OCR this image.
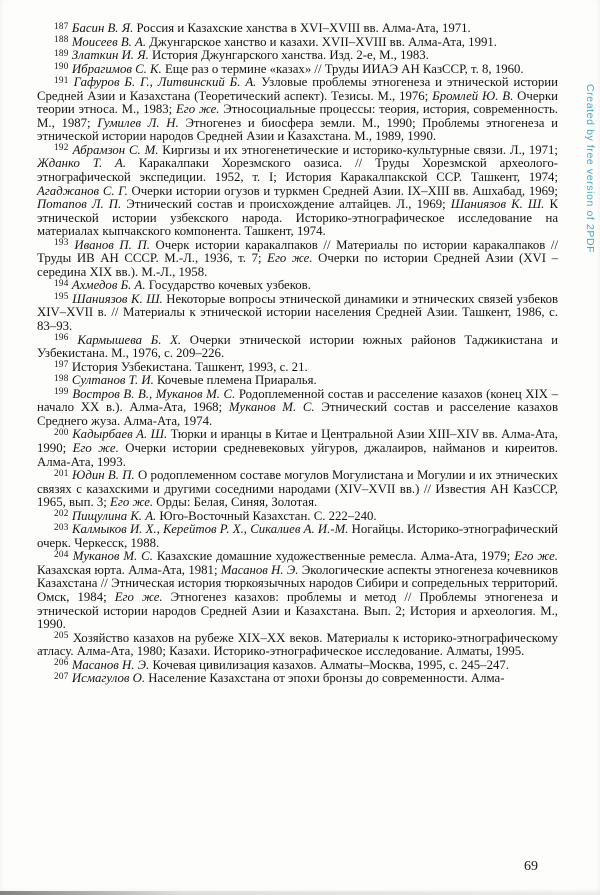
$^{187}$ Басин В. Я. Россия и Казахские ханства в XVI–XVIII вв. Алма-Ата, 1971.

$^{188}$ Моисеев В. А. Джунгарское ханство и казахи. XVII–XVIII вв. Алма-Ата, 1991.

$^{189}$ Златкин И. Я. История Джунгарского ханства. Изд. 2-е, М., 1983.

$^{190}$ Ибрагимов С. К. Еще раз о термине «казах» // Труды ИИАЭ АН КазССР, т. 8, 1960.

$^{191}$ Гафуров Б. Г., Литвинский Б. А. Узловые проблемы этногенеза и этнической истории Средней Азии и Казахстана (Теоретический аспект). Тезисы. М., 1976; Бромлей Ю. В. Очерки теории этноса. М., 1983; Его же. Этносоциальные процессы: теория, история, современность. М., 1987; Гумилев Л. Н. Этногенез и биосфера земли. М., 1990; Проблемы этногенеза и этнической истории народов Средней Азии и Казахстана. М., 1989, 1990.

$^{192}$ Абрамзон С. М. Киргизы и их этногенетические и историко-культурные связи. Л., 1971; Жданко Т. А. Каракалпаки Хорезмского оазиса. // Труды Хорезмской археолого-этнографической экспедиции. 1952, т. I; История Каракалпакской ССР. Ташкент, 1974; Агаджанов С. Г. Очерки истории огузов и туркмен Средней Азии. IX–XIII вв. Ашхабад, 1969; Потапов Л. П. Этнический состав и происхождение алтайцев. Л., 1969; Шаниязов К. Ш. К этнической истории узбекского народа. Историко-этнографическое исследование на материалах кыпчакского компонента. Ташкент, 1974.

$^{193}$ Иванов П. П. Очерк истории каракалпаков // Материалы по истории каракалпаков // Труды ИВ АН СССР. М.-Л., 1936, т. 7; Его же. Очерки по истории Средней Азии (XVI – середина XIX вв.). М.-Л., 1958.

$^{194}$ Ахмедов Б. А. Государство кочевых узбеков.

$^{195}$ Шаниязов К. Ш. Некоторые вопросы этнической динамики и этнических связей узбеков XIV–XVII в. // Материалы к этнической истории населения Средней Азии. Ташкент, 1986, с. 83–93.

$^{196}$ Кармышева Б. Х. Очерки этнической истории южных районов Таджикистана и Узбекистана. М., 1976, с. 209–226.

$^{197}$ История Узбекистана. Ташкент, 1993, с. 21.

$^{198}$ Султанов Т. И. Кочевые племена Приаралья.

$^{199}$ Востров В. В., Муканов М. С. Родоплеменной состав и расселение казахов (конец XIX – начало XX в.). Алма-Ата, 1968; Муканов М. С. Этнический состав и расселение казахов Среднего жуза. Алма-Ата, 1974.

$^{200}$ Кадырбаев А. Ш. Тюрки и иранцы в Китае и Центральной Азии XIII–XIV вв. Алма-Ата, 1990; Его же. Очерки истории средневековых уйгуров, джалаиров, найманов и киреитов. Алма-Ата, 1993.

$^{201}$ Юдин В. П. О родоплеменном составе могулов Могулистана и Могулии и их этнических связях с казахскими и другими соседними народами (XIV–XVII вв.) // Известия АН КазССР, 1965, вып. 3; Его же. Орды: Белая, Синяя, Золотая.

$^{202}$ Пищулина К. А. Юго-Восточный Казахстан. С. 222–240.

$^{203}$ Калмыков И. Х., Керейтов Р. Х., Сикалиев А. И.-М. Ногайцы. Историко-этнографический очерк. Черкесск, 1988.

$^{204}$ Муканов М. С. Казахские домашние художественные ремесла. Алма-Ата, 1979; Его же. Казахская юрта. Алма-Ата, 1981; Масанов Н. Э. Экологические аспекты этногенеза кочевников Казахстана // Этническая история тюркоязычных народов Сибири и сопредельных территорий. Омск, 1984; Его же. Этногенез казахов: проблемы и метод // Проблемы этногенеза и этнической истории народов Средней Азии и Казахстана. Вып. 2; История и археология. М., 1990.

$^{205}$ Хозяйство казахов на рубеже XIX–XX веков. Материалы к историко-этнографическому атласу. Алма-Ата, 1980; Казахи. Историко-этнографическое исследование. Алматы, 1995.

$^{206}$ Масанов Н. Э. Кочевая цивилизация казахов. Алматы–Москва, 1995, с. 245–247.

$^{207}$ Исмагулов О. Население Казахстана от эпохи бронзы до современности. Алма-

Created by free version of 2PDF
69
